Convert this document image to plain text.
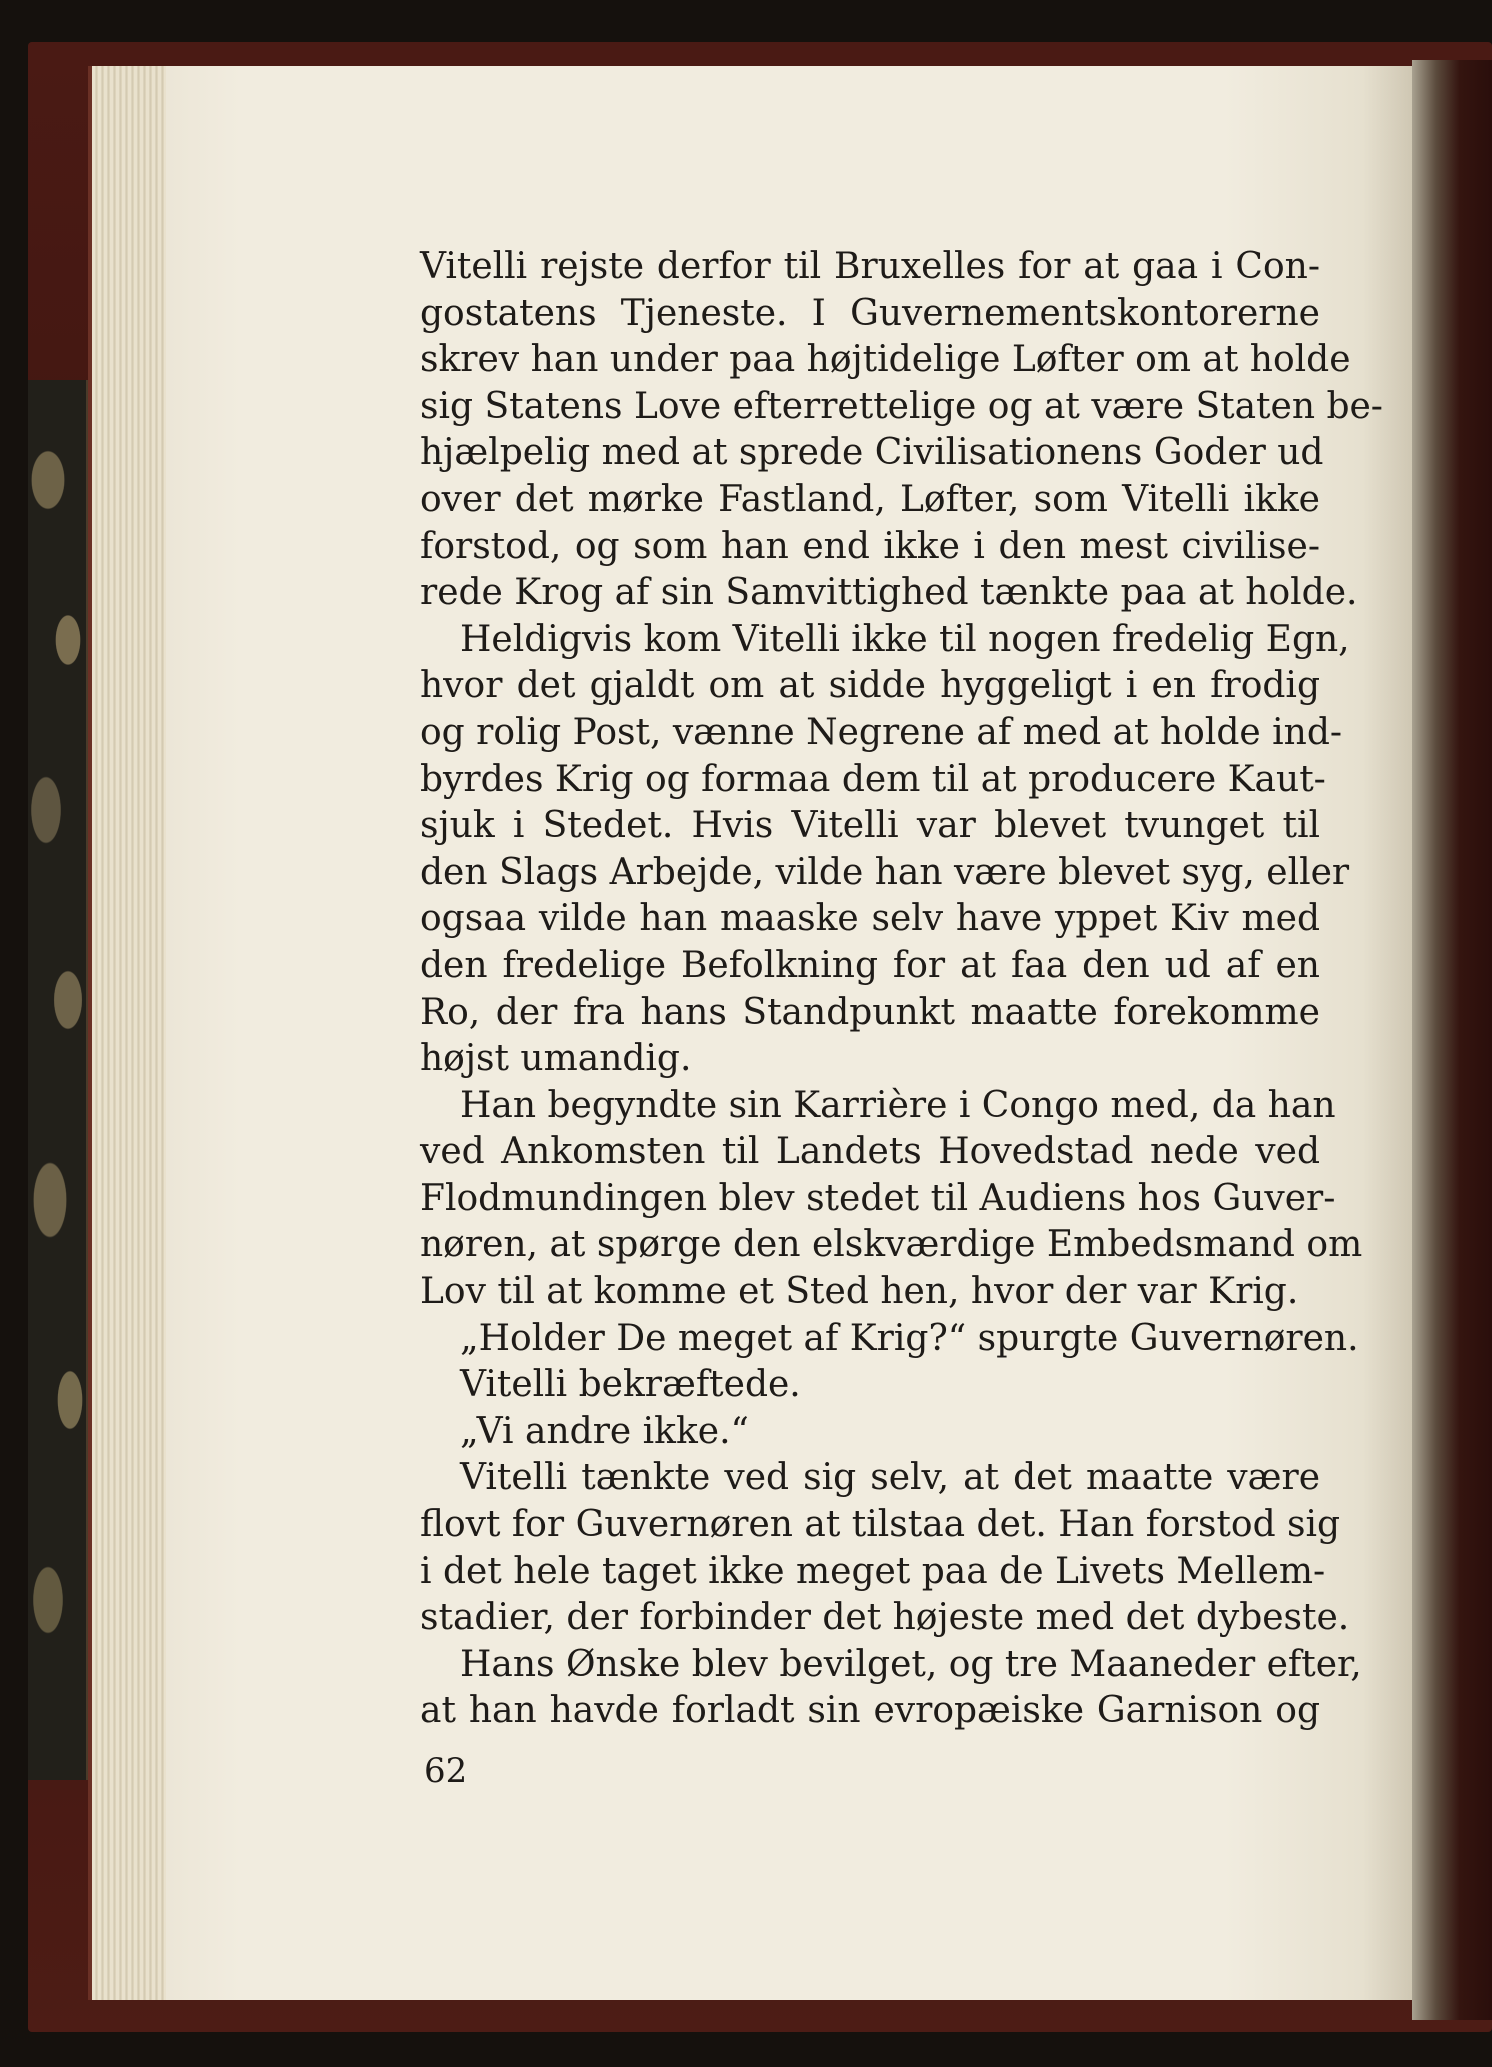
Vitelli rejste derfor til Bruxelles for at gaa i Con-
gostatens Tjeneste. I Guvernementskontorerne
skrev han under paa højtidelige Løfter om at holde
sig Statens Love efterrettelige og at være Staten be-
hjælpelig med at sprede Civilisationens Goder ud
over det mørke Fastland, Løfter, som Vitelli ikke
forstod, og som han end ikke i den mest civilise-
rede Krog af sin Samvittighed tænkte paa at holde.
Heldigvis kom Vitelli ikke til nogen fredelig Egn,
hvor det gjaldt om at sidde hyggeligt i en frodig
og rolig Post, vænne Negrene af med at holde ind-
byrdes Krig og formaa dem til at producere Kaut-
sjuk i Stedet. Hvis Vitelli var blevet tvunget til
den Slags Arbejde, vilde han være blevet syg, eller
ogsaa vilde han maaske selv have yppet Kiv med
den fredelige Befolkning for at faa den ud af en
Ro, der fra hans Standpunkt maatte forekomme
højst umandig.
Han begyndte sin Karrière i Congo med, da han
ved Ankomsten til Landets Hovedstad nede ved
Flodmundingen blev stedet til Audiens hos Guver-
nøren, at spørge den elskværdige Embedsmand om
Lov til at komme et Sted hen, hvor der var Krig.
„Holder De meget af Krig?“ spurgte Guvernøren.
Vitelli bekræftede.
„Vi andre ikke.“
Vitelli tænkte ved sig selv, at det maatte være
flovt for Guvernøren at tilstaa det. Han forstod sig
i det hele taget ikke meget paa de Livets Mellem-
stadier, der forbinder det højeste med det dybeste.
Hans Ønske blev bevilget, og tre Maaneder efter,
at han havde forladt sin evropæiske Garnison og
62
